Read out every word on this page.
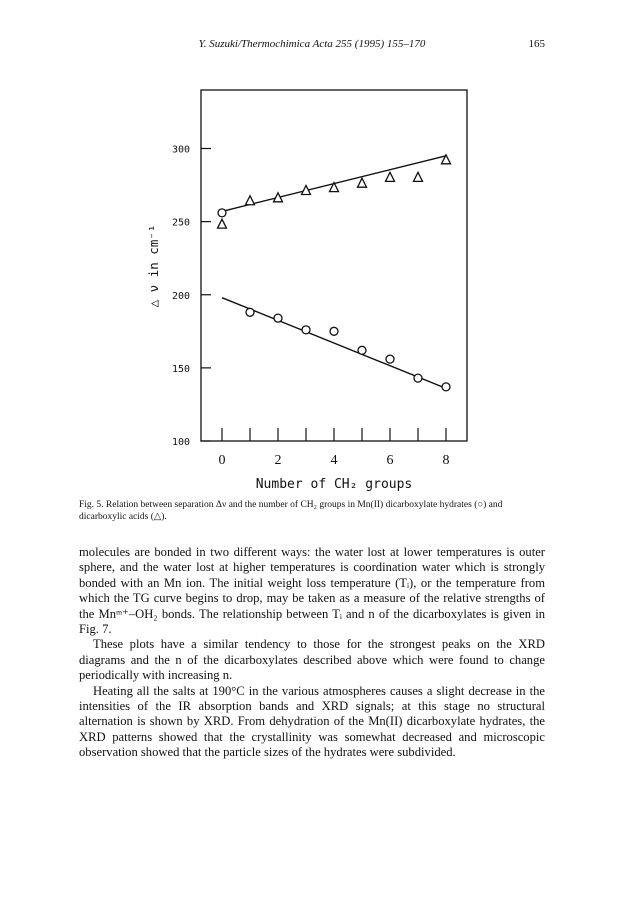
Y. Suzuki/Thermochimica Acta 255 (1995) 155–170	165
100
150
200
250
300
0	2	4	6	8
Number of CH₂ groups
△ ν in cm⁻¹
Fig. 5. Relation between separation Δν and the number of CH₂ groups in Mn(II) dicarboxylate hydrates (○) and dicarboxylic acids (△).

molecules are bonded in two different ways: the water lost at lower temperatures is outer sphere, and the water lost at higher temperatures is coordination water which is strongly bonded with an Mn ion. The initial weight loss temperature (Tᵢ), or the temperature from which the TG curve begins to drop, may be taken as a measure of the relative strengths of the Mnᵐ⁺–OH₂ bonds. The relationship between Tᵢ and n of the dicarboxylates is given in Fig. 7.

These plots have a similar tendency to those for the strongest peaks on the XRD diagrams and the n of the dicarboxylates described above which were found to change periodically with increasing n.

Heating all the salts at 190°C in the various atmospheres causes a slight decrease in the intensities of the IR absorption bands and XRD signals; at this stage no structural alternation is shown by XRD. From dehydration of the Mn(II) dicarboxylate hydrates, the XRD patterns showed that the crystallinity was somewhat decreased and microscopic observation showed that the particle sizes of the hydrates were subdivided.
